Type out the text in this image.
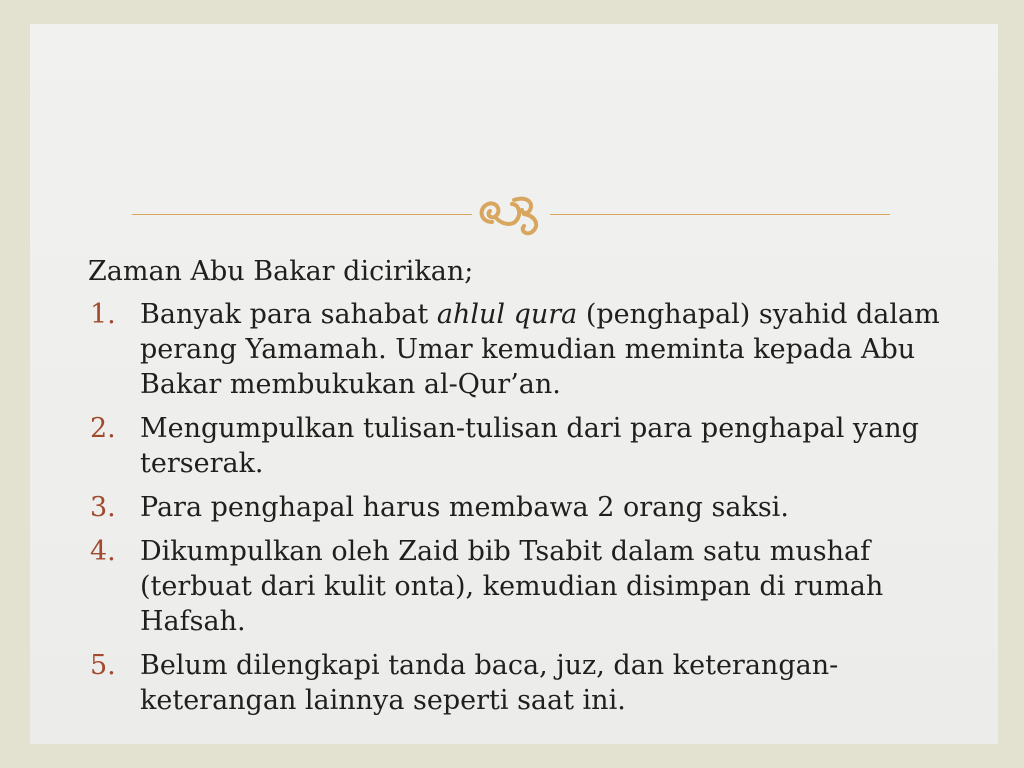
Zaman Abu Bakar dicirikan;

1. Banyak para sahabat ahlul qura (penghapal) syahid dalam perang Yamamah. Umar kemudian meminta kepada Abu Bakar membukukan al-Qur’an.
2. Mengumpulkan tulisan-tulisan dari para penghapal yang terserak.
3. Para penghapal harus membawa 2 orang saksi.
4. Dikumpulkan oleh Zaid bib Tsabit dalam satu mushaf (terbuat dari kulit onta), kemudian disimpan di rumah Hafsah.
5. Belum dilengkapi tanda baca, juz, dan keterangan-keterangan lainnya seperti saat ini.
